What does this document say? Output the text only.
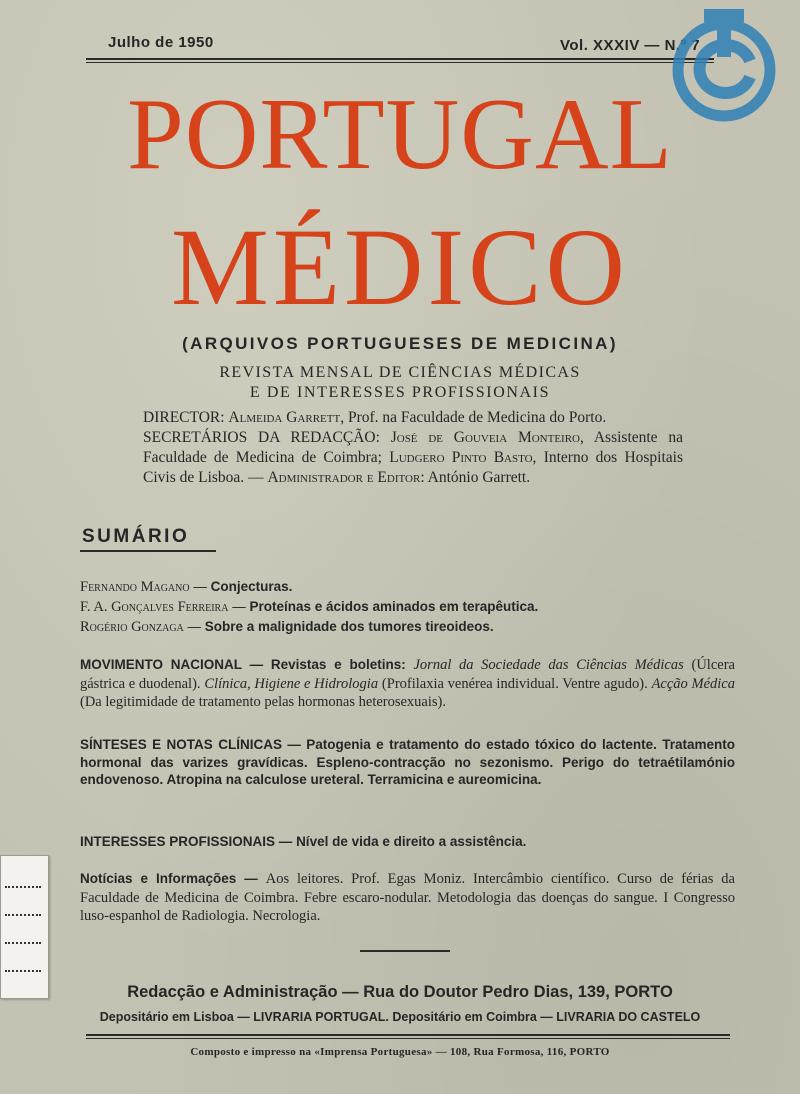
Julho de 1950	Vol. XXXIV — N.º 7
PORTUGAL
MÉDICO
(ARQUIVOS PORTUGUESES DE MEDICINA)
REVISTA MENSAL DE CIÊNCIAS MÉDICAS
E DE INTERESSES PROFISSIONAIS
DIRECTOR: Almeida Garrett, Prof. na Faculdade de Medicina do Porto.
SECRETÁRIOS DA REDACÇÃO: José de Gouveia Monteiro, Assistente na Faculdade de Medicina de Coimbra; Ludgero Pinto Basto, Interno dos Hospitais Civis de Lisboa. — Administrador e Editor: António Garrett.
SUMÁRIO
Fernando Magano — Conjecturas.
F. A. Gonçalves Ferreira — Proteínas e ácidos aminados em terapêutica.
Rogério Gonzaga — Sobre a malignidade dos tumores tireoideos.
MOVIMENTO NACIONAL — Revistas e boletins: Jornal da Sociedade das Ciências Médicas (Úlcera gástrica e duodenal). Clínica, Higiene e Hidrologia (Profilaxia venérea individual. Ventre agudo). Acção Médica (Da legitimidade de tratamento pelas hormonas heterosexuais).
SÍNTESES E NOTAS CLÍNICAS — Patogenia e tratamento do estado tóxico do lactente. Tratamento hormonal das varizes gravídicas. Espleno-contracção no sezonismo. Perigo do tetraétilamónio endovenoso. Atropina na calculose ureteral. Terramicina e aureomicina.
INTERESSES PROFISSIONAIS — Nível de vida e direito a assistência.
Notícias e Informações — Aos leitores. Prof. Egas Moniz. Intercâmbio científico. Curso de férias da Faculdade de Medicina de Coimbra. Febre escaro-nodular. Metodologia das doenças do sangue. I Congresso luso-espanhol de Radiologia. Necrologia.
Redacção e Administração — Rua do Doutor Pedro Dias, 139, PORTO
Depositário em Lisboa — LIVRARIA PORTUGAL. Depositário em Coimbra — LIVRARIA DO CASTELO
Composto e impresso na «Imprensa Portuguesa» — 108, Rua Formosa, 116, PORTO
